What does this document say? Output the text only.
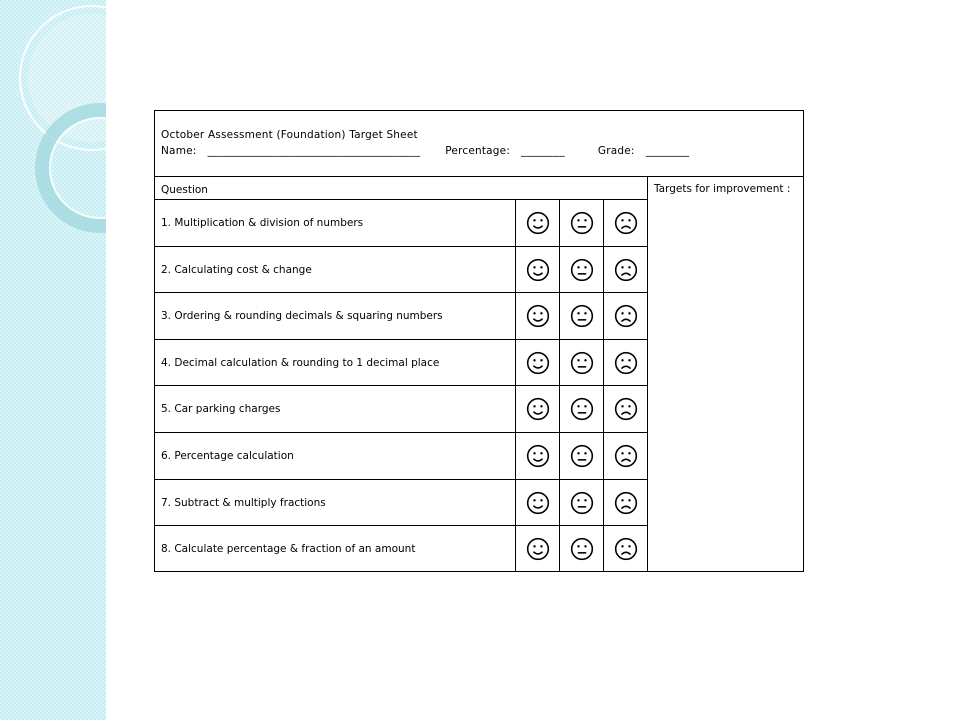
October Assessment (Foundation) Target Sheet
Name: _______________________________________ Percentage: ________	Grade: ________
Question	Targets for improvement :
1. Multiplication & division of numbers
2. Calculating cost & change
3. Ordering & rounding decimals & squaring numbers
4. Decimal calculation & rounding to 1 decimal place
5. Car parking charges
6. Percentage calculation
7. Subtract & multiply fractions
8. Calculate percentage & fraction of an amount
